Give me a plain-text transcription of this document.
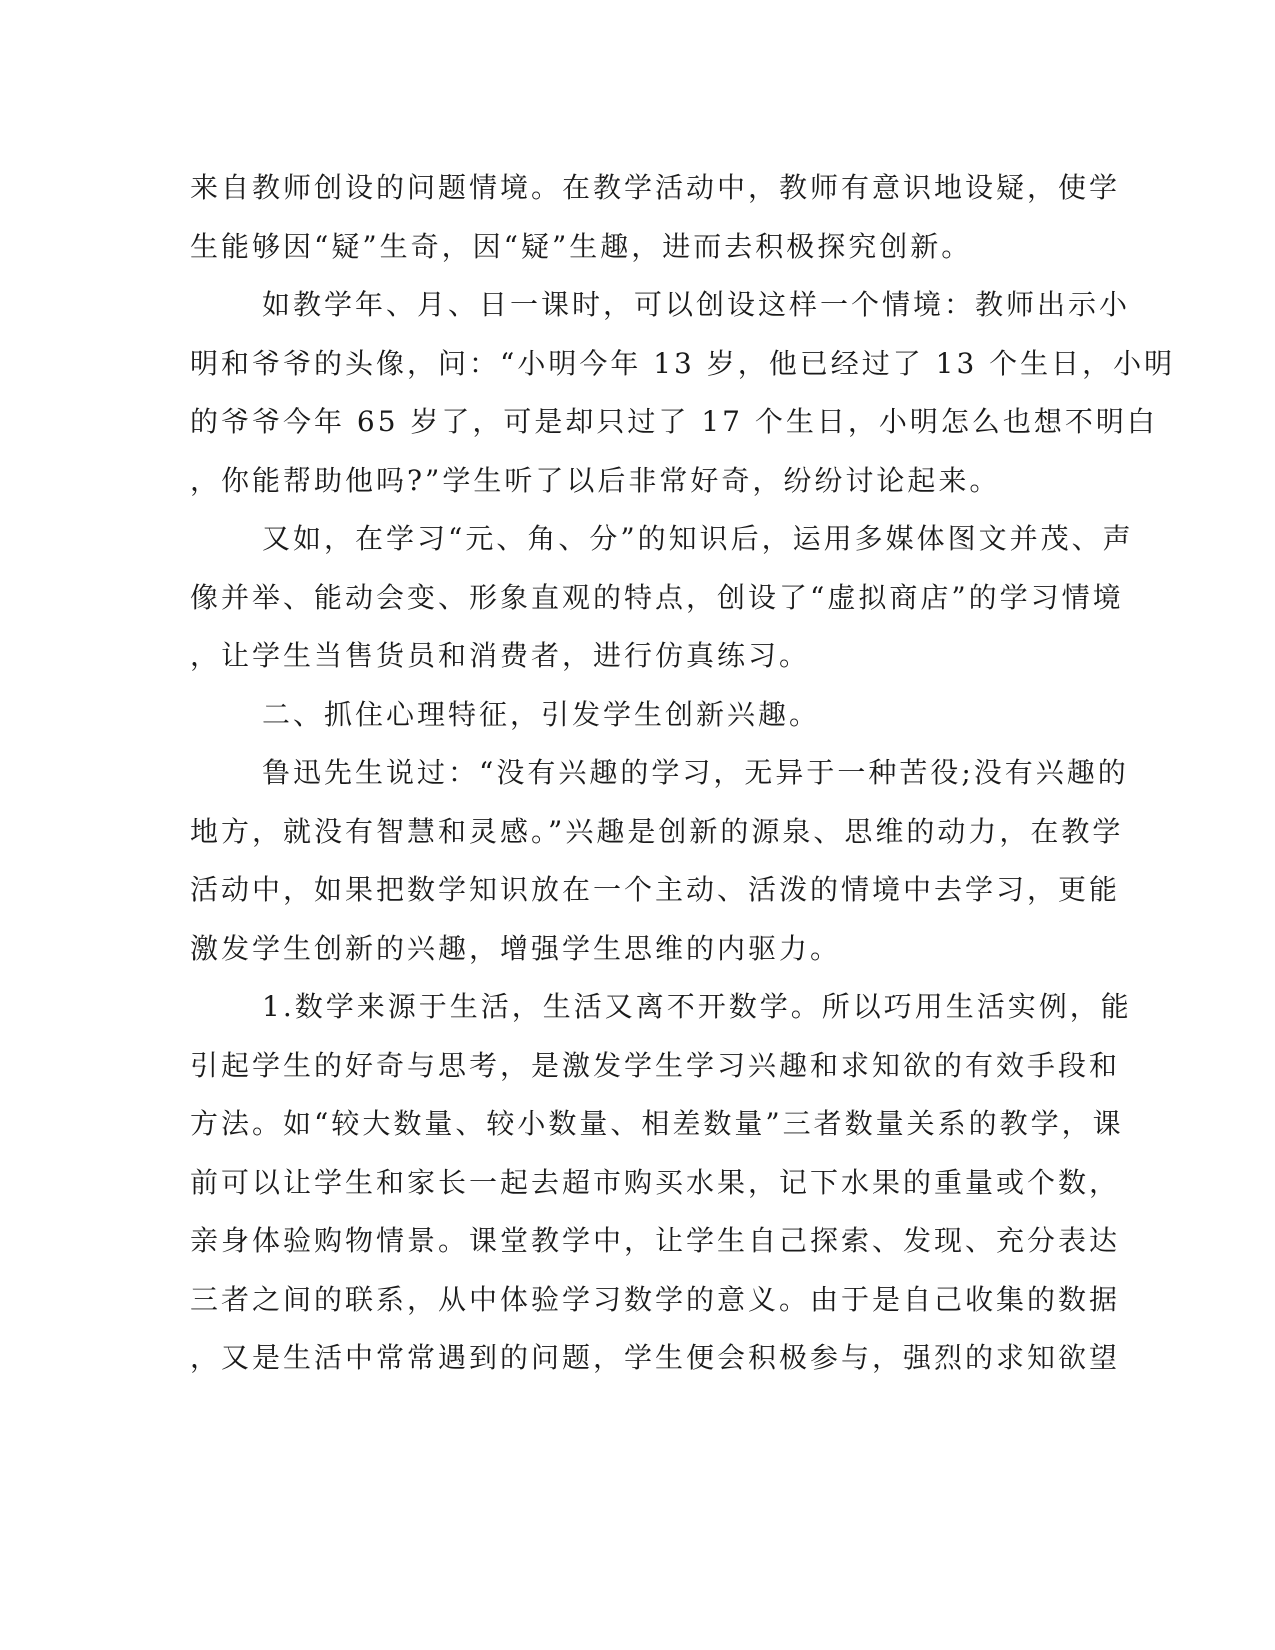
来自教师创设的问题情境。在教学活动中，教师有意识地设疑，使学
生能够因“疑”生奇，因“疑”生趣，进而去积极探究创新。
如教学年、月、日一课时，可以创设这样一个情境：教师出示小
明和爷爷的头像，问：“小明今年 13 岁，他已经过了 13 个生日，小明
的爷爷今年 65 岁了，可是却只过了 17 个生日，小明怎么也想不明白
，你能帮助他吗?”学生听了以后非常好奇，纷纷讨论起来。
又如，在学习“元、角、分”的知识后，运用多媒体图文并茂、声
像并举、能动会变、形象直观的特点，创设了“虚拟商店”的学习情境
，让学生当售货员和消费者，进行仿真练习。
二、抓住心理特征，引发学生创新兴趣。
鲁迅先生说过：“没有兴趣的学习，无异于一种苦役;没有兴趣的
地方，就没有智慧和灵感。”兴趣是创新的源泉、思维的动力，在教学
活动中，如果把数学知识放在一个主动、活泼的情境中去学习，更能
激发学生创新的兴趣，增强学生思维的内驱力。
1.数学来源于生活，生活又离不开数学。所以巧用生活实例，能
引起学生的好奇与思考，是激发学生学习兴趣和求知欲的有效手段和
方法。如“较大数量、较小数量、相差数量”三者数量关系的教学，课
前可以让学生和家长一起去超市购买水果，记下水果的重量或个数，
亲身体验购物情景。课堂教学中，让学生自己探索、发现、充分表达
三者之间的联系，从中体验学习数学的意义。由于是自己收集的数据
，又是生活中常常遇到的问题，学生便会积极参与，强烈的求知欲望
